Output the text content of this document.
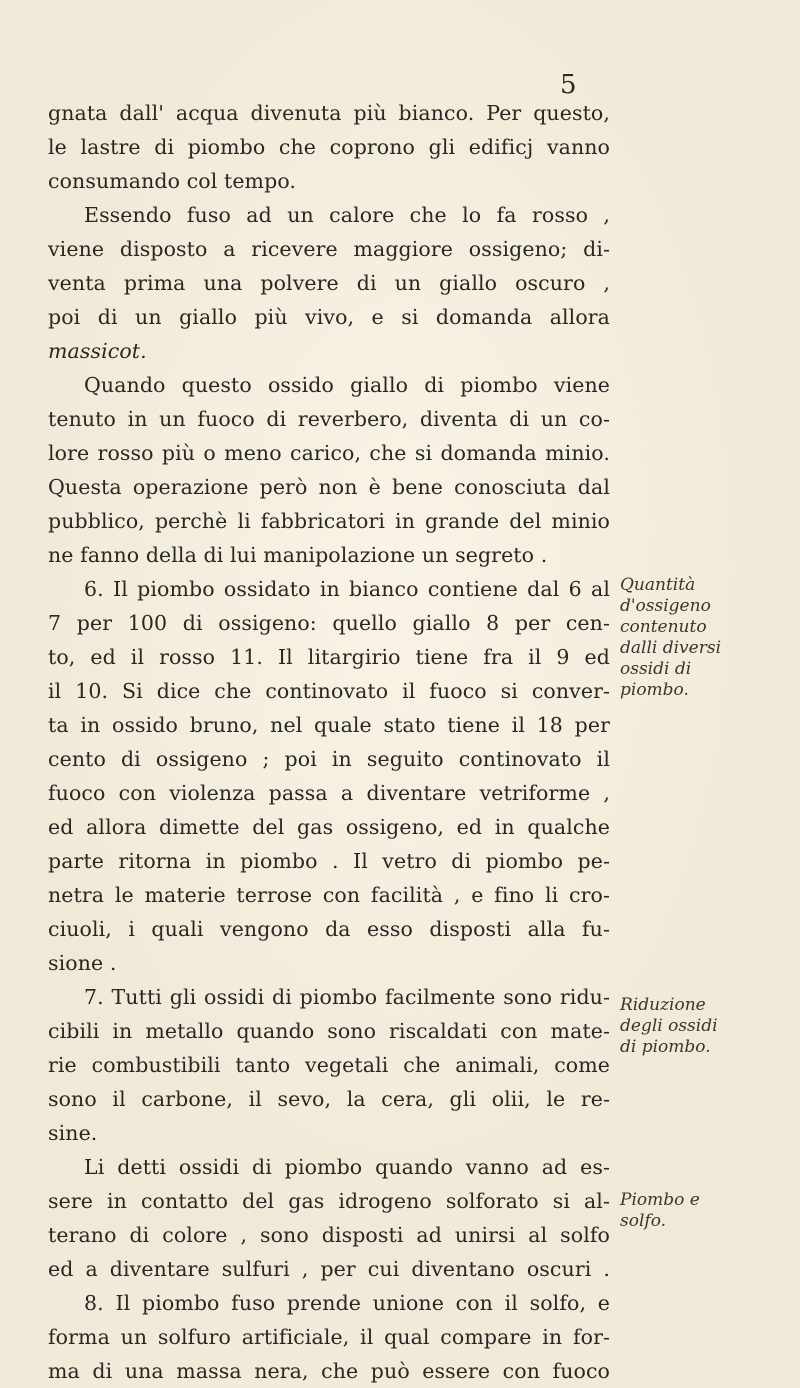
5
gnata dall' acqua divenuta più bianco. Per questo,
le lastre di piombo che coprono gli edificj vanno
consumando col tempo.
Essendo fuso ad un calore che lo fa rosso ,
viene disposto a ricevere maggiore ossigeno; di-
venta prima una polvere di un giallo oscuro ,
poi di un giallo più vivo, e si domanda allora
massicot.
Quando questo ossido giallo di piombo viene
tenuto in un fuoco di reverbero, diventa di un co-
lore rosso più o meno carico, che si domanda minio.
Questa operazione però non è bene conosciuta dal
pubblico, perchè li fabbricatori in grande del minio
ne fanno della di lui manipolazione un segreto .
6. Il piombo ossidato in bianco contiene dal 6 al
7 per 100 di ossigeno: quello giallo 8 per cen-
to, ed il rosso 11. Il litargirio tiene fra il 9 ed
il 10. Si dice che continovato il fuoco si conver-
ta in ossido bruno, nel quale stato tiene il 18 per
cento di ossigeno ; poi in seguito continovato il
fuoco con violenza passa a diventare vetriforme ,
ed allora dimette del gas ossigeno, ed in qualche
parte ritorna in piombo . Il vetro di piombo pe-
netra le materie terrose con facilità , e fino li cro-
ciuoli, i quali vengono da esso disposti alla fu-
sione .
7. Tutti gli ossidi di piombo facilmente sono ridu-
cibili in metallo quando sono riscaldati con mate-
rie combustibili tanto vegetali che animali, come
sono il carbone, il sevo, la cera, gli olii, le re-
sine.
Li detti ossidi di piombo quando vanno ad es-
sere in contatto del gas idrogeno solforato si al-
terano di colore , sono disposti ad unirsi al solfo
ed a diventare sulfuri , per cui diventano oscuri .
8. Il piombo fuso prende unione con il solfo, e
forma un solfuro artificiale, il qual compare in for-
ma di una massa nera, che può essere con fuoco
Quantità
d'ossigeno
contenuto
dalli diversi
ossidi di
piombo.
Riduzione
degli ossidi
di piombo.
Piombo e
solfo.
